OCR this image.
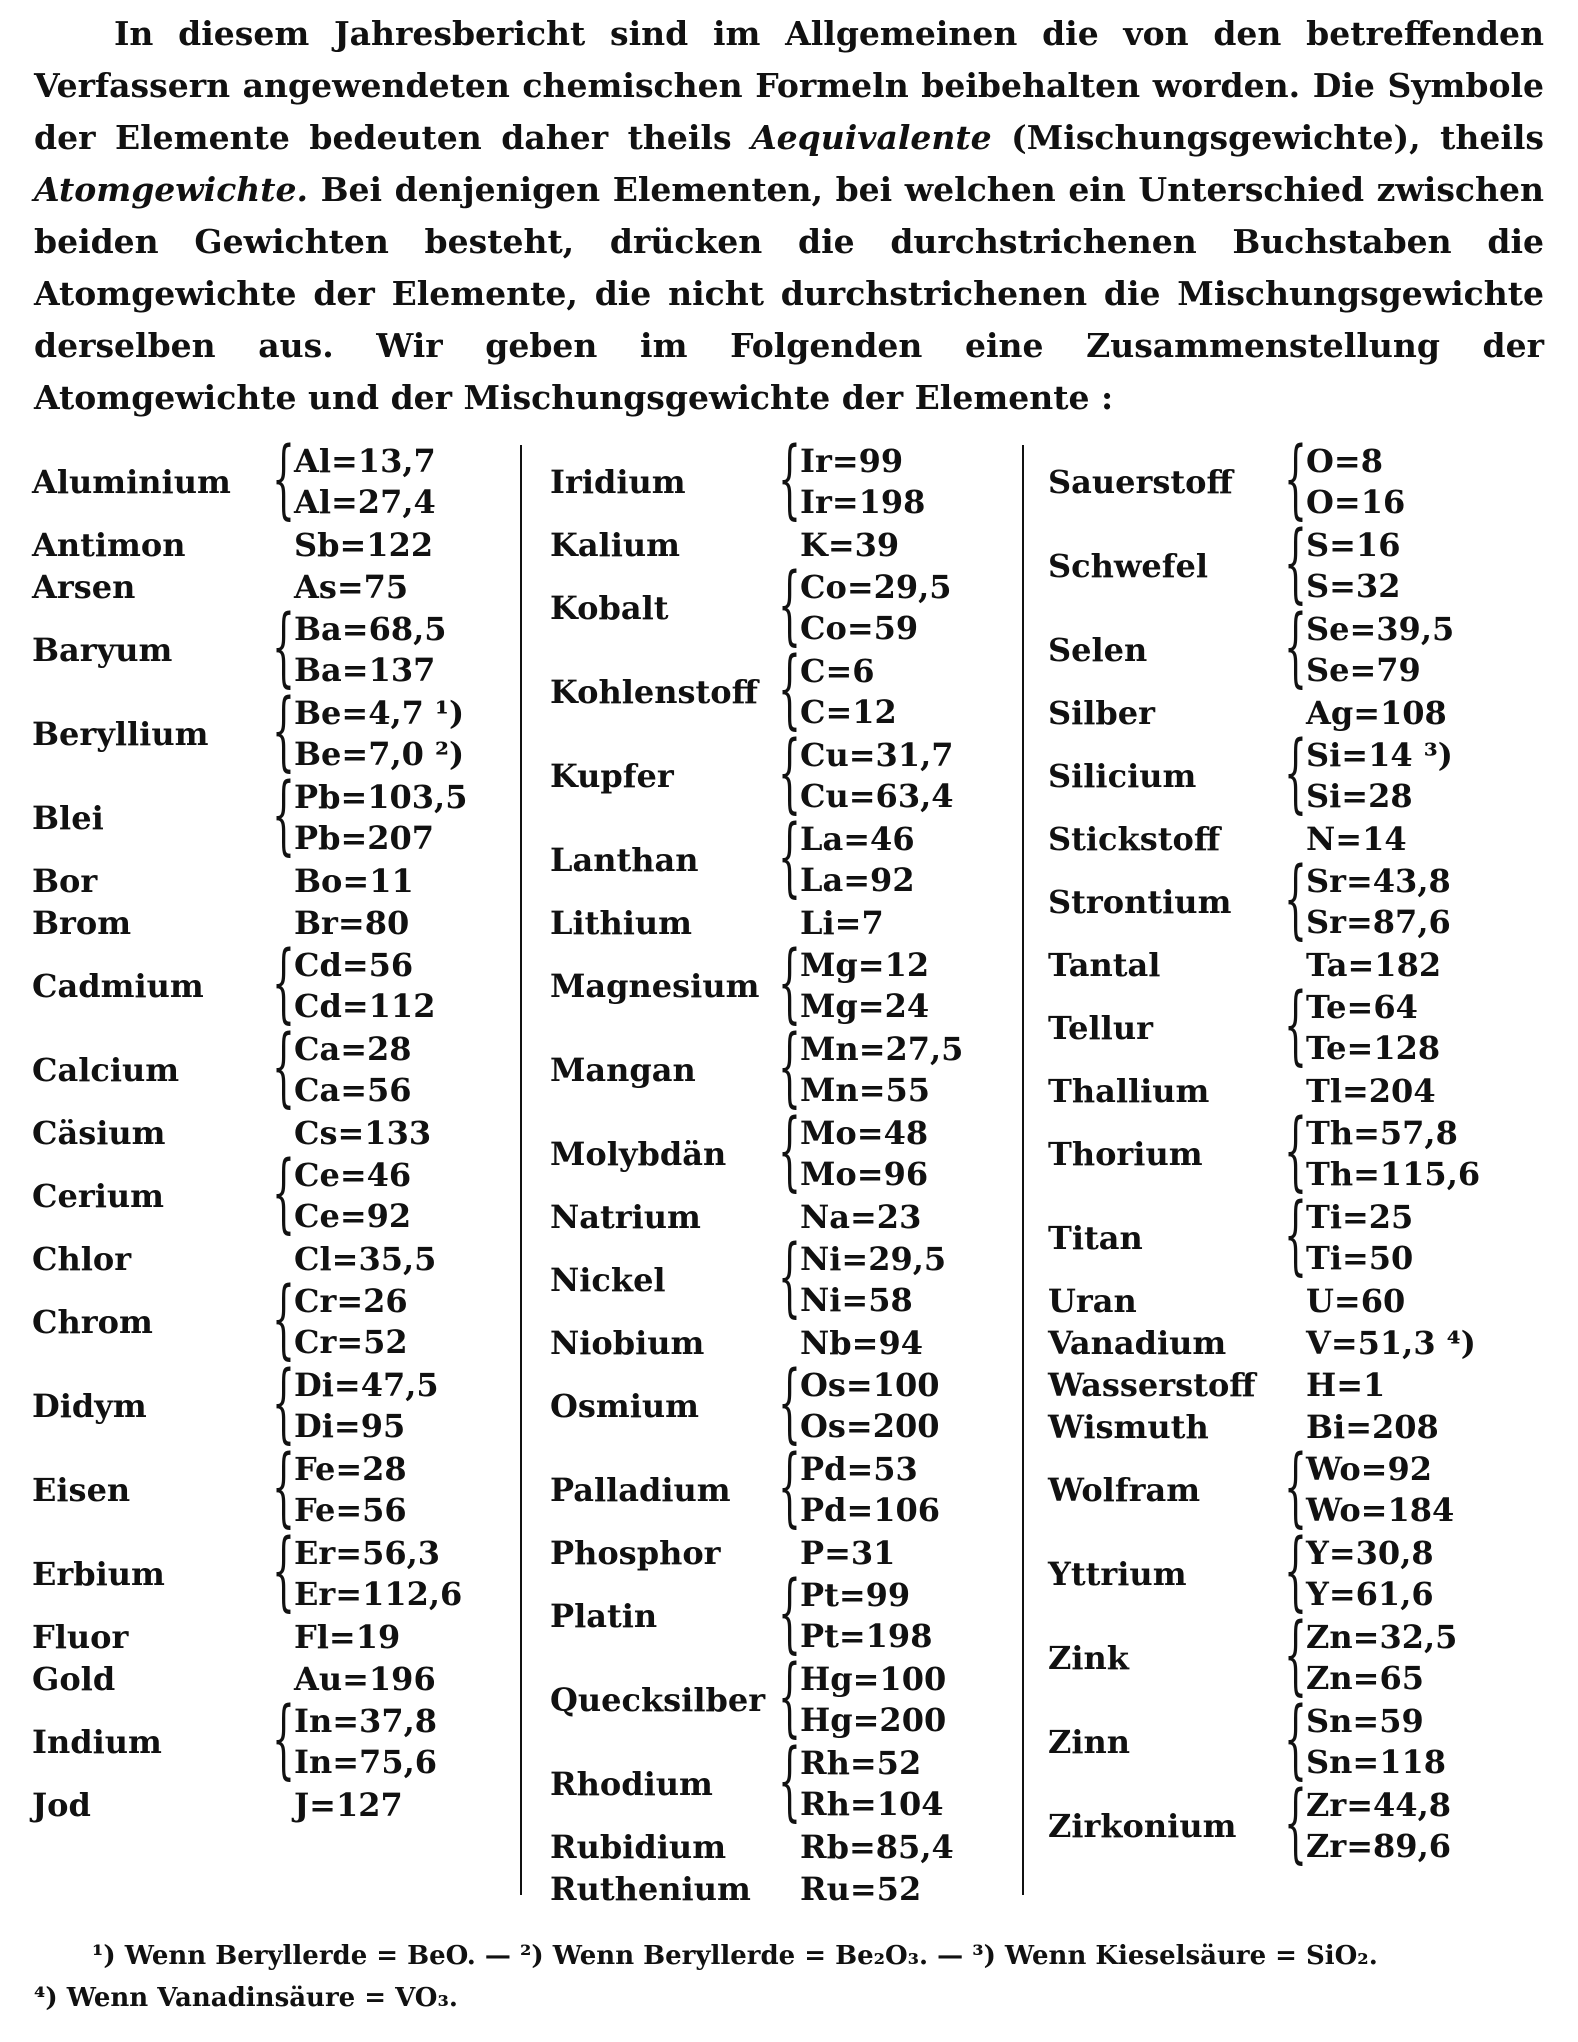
In diesem Jahresbericht sind im Allgemeinen die von den betreffenden Verfassern angewendeten chemischen Formeln beibehalten worden. Die Symbole der Elemente bedeuten daher theils Aequivalente (Mischungsgewichte), theils Atomgewichte. Bei denjenigen Elementen, bei welchen ein Unterschied zwischen beiden Gewichten besteht, drücken die durchstrichenen Buchstaben die Atomgewichte der Elemente, die nicht durchstrichenen die Mischungsgewichte derselben aus. Wir geben im Folgenden eine Zusammenstellung der Atomgewichte und der Mischungsgewichte der Elemente :

Aluminium { Al=13,7
Al=27,4
Antimon	Sb=122
Arsen	As=75
Baryum	{ Ba=68,5
Ba=137
Beryllium { Be=4,7 ¹)
Be=7,0 ²)
Blei	{ Pb=103,5
Pb=207
Bor	Bo=11
Brom	Br=80
Cadmium { Cd=56
Cd=112
Calcium	{ Ca=28
Ca=56
Cäsium	Cs=133
Cerium	{ Ce=46
Ce=92
Chlor	Cl=35,5
Chrom	{ Cr=26
Cr=52
Didym	{ Di=47,5
Di=95
Eisen	{ Fe=28
Fe=56
Erbium	{ Er=56,3
Er=112,6
Fluor	Fl=19
Gold	Au=196
Indium	{ In=37,8
In=75,6
Jod	J=127
Iridium	{ Ir=99
Ir=198
Kalium	K=39
Kobalt	{ Co=29,5
Co=59
Kohlenstoff { C=6
C=12
Kupfer	{ Cu=31,7
Cu=63,4
Lanthan { La=46
La=92
Lithium	Li=7
Magnesium { Mg=12
Mg=24
Mangan { Mn=27,5
Mn=55
Molybdän { Mo=48
Mo=96
Natrium	Na=23
Nickel	{ Ni=29,5
Ni=58
Niobium	Nb=94
Osmium { Os=100
Os=200
Palladium { Pd=53
Pd=106
Phosphor	P=31
Platin	{ Pt=99
Pt=198
Quecksilber { Hg=100
Hg=200
Rhodium { Rh=52
Rh=104
Rubidium	Rb=85,4
Ruthenium	Ru=52
Sauerstoff { O=8
O=16
Schwefel { S=16
S=32
Selen	{ Se=39,5
Se=79
Silber	Ag=108
Silicium	{ Si=14 ³)
Si=28
Stickstoff	N=14
Strontium { Sr=43,8
Sr=87,6
Tantal	Ta=182
Tellur	{ Te=64
Te=128
Thallium	Tl=204
Thorium { Th=57,8
Th=115,6
Titan	{ Ti=25
Ti=50
Uran	U=60
Vanadium	V=51,3 ⁴)
Wasserstoff	H=1
Wismuth	Bi=208
Wolfram { Wo=92
Wo=184
Yttrium	{ Y=30,8
Y=61,6
Zink	{ Zn=32,5
Zn=65
Zinn	{ Sn=59
Sn=118
Zirkonium { Zr=44,8
Zr=89,6
¹) Wenn Beryllerde = BeO. — ²) Wenn Beryllerde = Be₂O₃. — ³) Wenn Kieselsäure = SiO₂.
⁴) Wenn Vanadinsäure = VO₃.
